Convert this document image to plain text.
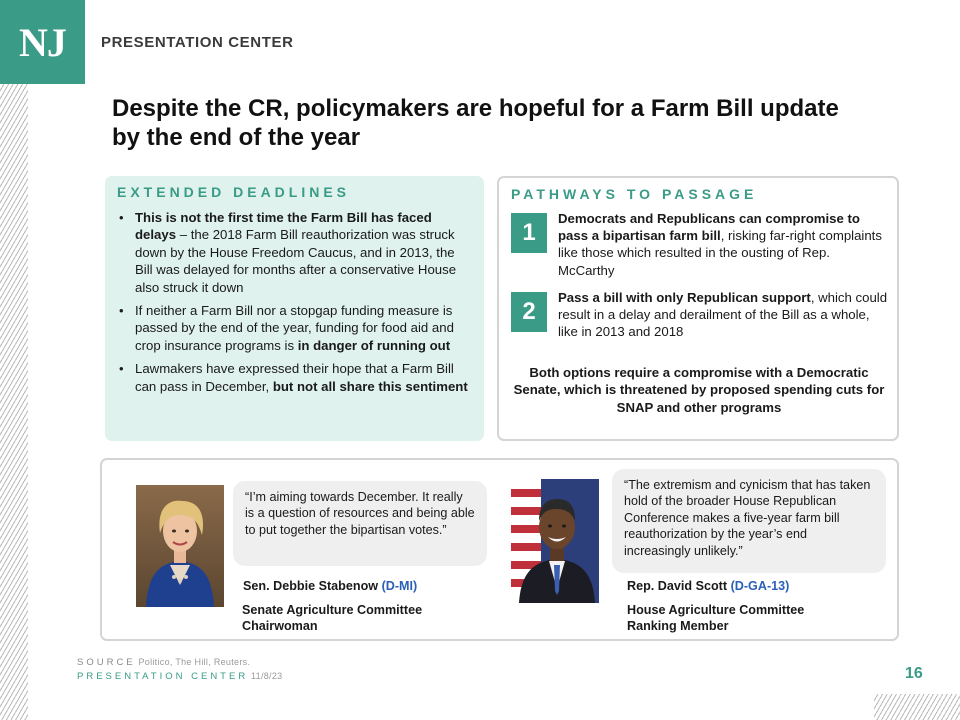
NJ PRESENTATION CENTER
Despite the CR, policymakers are hopeful for a Farm Bill update by the end of the year
EXTENDED DEADLINES
• This is not the first time the Farm Bill has faced delays – the 2018 Farm Bill reauthorization was struck down by the House Freedom Caucus, and in 2013, the Bill was delayed for months after a conservative House also struck it down
• If neither a Farm Bill nor a stopgap funding measure is passed by the end of the year, funding for food aid and crop insurance programs is in danger of running out
• Lawmakers have expressed their hope that a Farm Bill can pass in December, but not all share this sentiment
PATHWAYS TO PASSAGE
1
Democrats and Republicans can compromise to pass a bipartisan farm bill, risking far-right complaints like those which resulted in the ousting of Rep. McCarthy
2
Pass a bill with only Republican support, which could result in a delay and derailment of the Bill as a whole, like in 2013 and 2018
Both options require a compromise with a Democratic Senate, which is threatened by proposed spending cuts for SNAP and other programs
“I’m aiming towards December. It really is a question of resources and being able to put together the bipartisan votes.”
Sen. Debbie Stabenow (D-MI)
Senate Agriculture Committee Chairwoman
“The extremism and cynicism that has taken hold of the broader House Republican Conference makes a five-year farm bill reauthorization by the year’s end increasingly unlikely.”
Rep. David Scott (D-GA-13)
House Agriculture Committee Ranking Member
SOURCE Politico, The Hill, Reuters.
PRESENTATION CENTER 11/8/23	16
